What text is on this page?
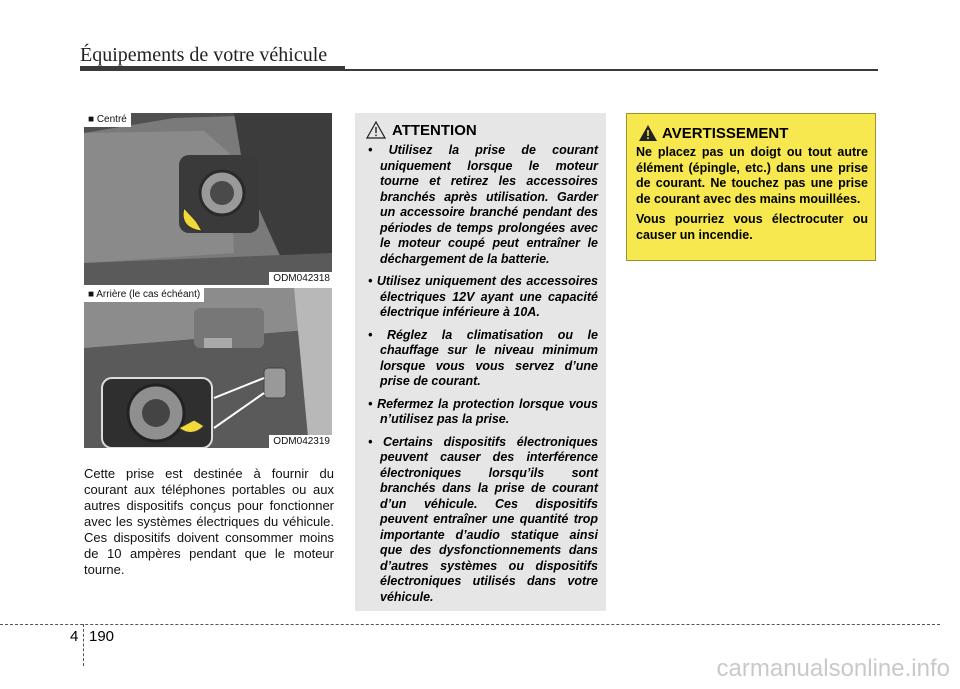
Équipements de votre véhicule
■ Centré
ODM042318
■ Arrière (le cas échéant)
ODM042319
Cette prise est destinée à fournir du courant aux téléphones portables ou aux autres dispositifs conçus pour fonctionner avec les systèmes électriques du véhicule. Ces dispositifs doivent consommer moins de 10 ampères pendant que le moteur tourne.
ATTENTION
• Utilisez la prise de courant uniquement lorsque le moteur tourne et retirez les accessoires branchés après utilisation. Garder un accessoire branché pendant des périodes de temps prolongées avec le moteur coupé peut entraîner le déchargement de la batterie.
• Utilisez uniquement des accessoires électriques 12V ayant une capacité électrique inférieure à 10A.
• Réglez la climatisation ou le chauffage sur le niveau minimum lorsque vous vous servez d’une prise de courant.
• Refermez la protection lorsque vous n’utilisez pas la prise.
• Certains dispositifs électroniques peuvent causer des interférence électroniques lorsqu’ils sont branchés dans la prise de courant d’un véhicule. Ces dispositifs peuvent entraîner une quantité trop importante d’audio statique ainsi que des dysfonctionnements dans d’autres systèmes ou dispositifs électroniques utilisés dans votre véhicule.
AVERTISSEMENT

Ne placez pas un doigt ou tout autre élément (épingle, etc.) dans une prise de courant. Ne touchez pas une prise de courant avec des mains mouillées.

Vous pourriez vous électrocuter ou causer un incendie.

4 190
carmanualsonline.info
